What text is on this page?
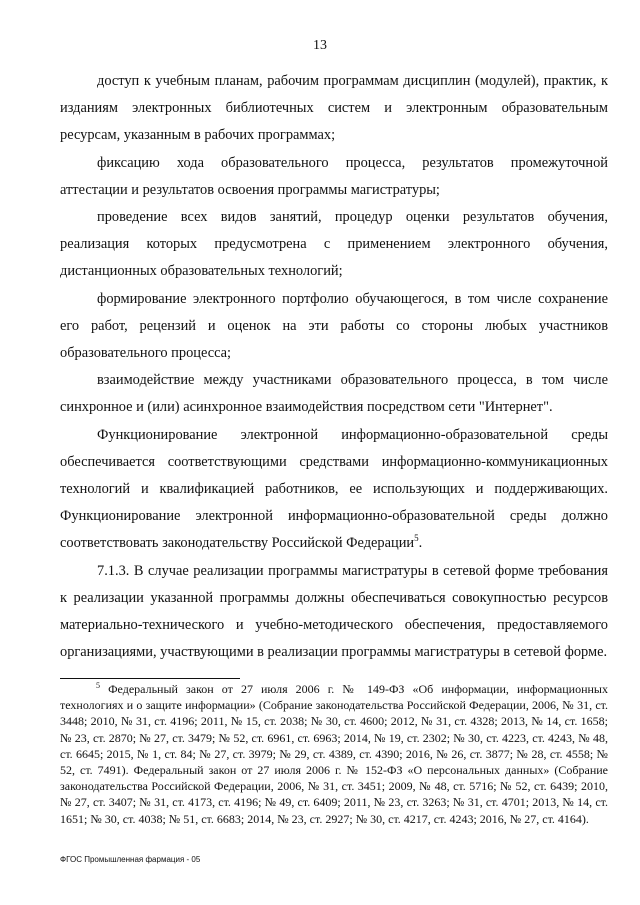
13

доступ к учебным планам, рабочим программам дисциплин (модулей), практик, к изданиям электронных библиотечных систем и электронным образовательным ресурсам, указанным в рабочих программах;

фиксацию хода образовательного процесса, результатов промежуточной аттестации и результатов освоения программы магистратуры;

проведение всех видов занятий, процедур оценки результатов обучения, реализация которых предусмотрена с применением электронного обучения, дистанционных образовательных технологий;

формирование электронного портфолио обучающегося, в том числе сохранение его работ, рецензий и оценок на эти работы со стороны любых участников образовательного процесса;

взаимодействие между участниками образовательного процесса, в том числе синхронное и (или) асинхронное взаимодействия посредством сети "Интернет".

Функционирование электронной информационно-образовательной среды обеспечивается соответствующими средствами информационно-коммуникационных технологий и квалификацией работников, ее использующих и поддерживающих. Функционирование электронной информационно-образовательной среды должно соответствовать законодательству Российской Федерации$^5$.

7.1.3. В случае реализации программы магистратуры в сетевой форме требования к реализации указанной программы должны обеспечиваться совокупностью ресурсов материально-технического и учебно-методического обеспечения, предоставляемого организациями, участвующими в реализации программы магистратуры в сетевой форме.

$^5$ Федеральный закон от 27 июля 2006 г. № 149-ФЗ «Об информации, информационных технологиях и о защите информации» (Собрание законодательства Российской Федерации, 2006, № 31, ст. 3448; 2010, № 31, ст. 4196; 2011, № 15, ст. 2038; № 30, ст. 4600; 2012, № 31, ст. 4328; 2013, № 14, ст. 1658; № 23, ст. 2870; № 27, ст. 3479; № 52, ст. 6961, ст. 6963; 2014, № 19, ст. 2302; № 30, ст. 4223, ст. 4243, № 48, ст. 6645; 2015, № 1, ст. 84; № 27, ст. 3979; № 29, ст. 4389, ст. 4390; 2016, № 26, ст. 3877; № 28, ст. 4558; № 52, ст. 7491). Федеральный закон от 27 июля 2006 г. № 152-ФЗ «О персональных данных» (Собрание законодательства Российской Федерации, 2006, № 31, ст. 3451; 2009, № 48, ст. 5716; № 52, ст. 6439; 2010, № 27, ст. 3407; № 31, ст. 4173, ст. 4196; № 49, ст. 6409; 2011, № 23, ст. 3263; № 31, ст. 4701; 2013, № 14, ст. 1651; № 30, ст. 4038; № 51, ст. 6683; 2014, № 23, ст. 2927; № 30, ст. 4217, ст. 4243; 2016, № 27, ст. 4164).

ФГОС Промышленная фармация - 05
